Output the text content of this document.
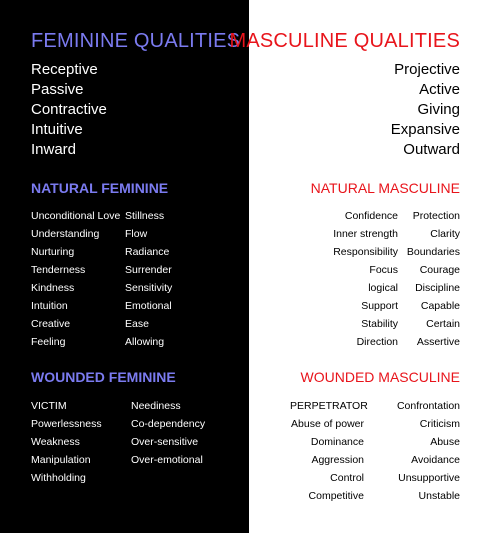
FEMININE QUALITIES
Receptive
Passive
Contractive
Intuitive
Inward
NATURAL FEMININE
Unconditional Love
Understanding
Nurturing
Tenderness
Kindness
Intuition
Creative
Feeling
Stillness
Flow
Radiance
Surrender
Sensitivity
Emotional
Ease
Allowing
WOUNDED FEMININE
VICTIM
Powerlessness
Weakness
Manipulation
Withholding
Neediness
Co-dependency
Over-sensitive
Over-emotional
MASCULINE QUALITIES
Projective
Active
Giving
Expansive
Outward
NATURAL MASCULINE
Confidence
Inner strength
Responsibility
Focus
logical
Support
Stability
Direction
Protection
Clarity
Boundaries
Courage
Discipline
Capable
Certain
Assertive
WOUNDED MASCULINE
PERPETRATOR
Abuse of power
Dominance
Aggression
Control
Competitive
Confrontation
Criticism
Abuse
Avoidance
Unsupportive
Unstable
